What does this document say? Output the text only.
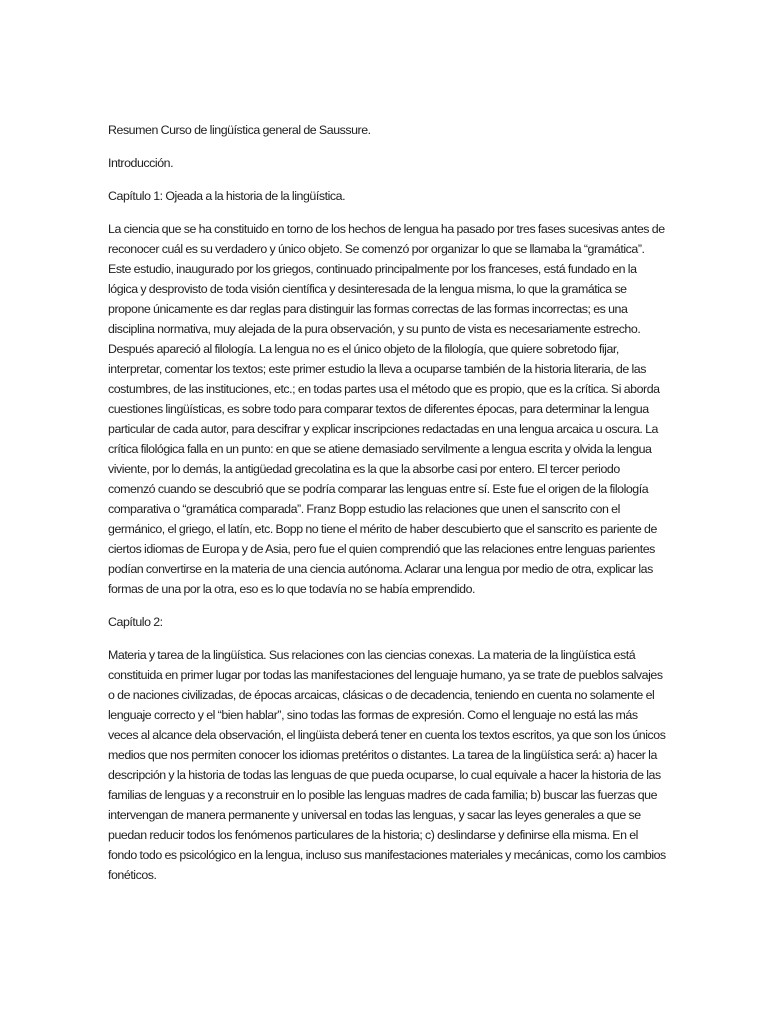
Resumen Curso de lingüística general de Saussure.

Introducción.

Capítulo 1: Ojeada a la historia de la lingüística.

La ciencia que se ha constituido en torno de los hechos de lengua ha pasado por tres fases sucesivas antes de reconocer cuál es su verdadero y único objeto. Se comenzó por organizar lo que se llamaba la “gramática”. Este estudio, inaugurado por los griegos, continuado principalmente por los franceses, está fundado en la lógica y desprovisto de toda visión científica y desinteresada de la lengua misma, lo que la gramática se propone únicamente es dar reglas para distinguir las formas correctas de las formas incorrectas; es una disciplina normativa, muy alejada de la pura observación, y su punto de vista es necesariamente estrecho. Después apareció al filología. La lengua no es el único objeto de la filología, que quiere sobretodo fijar, interpretar, comentar los textos; este primer estudio la lleva a ocuparse también de la historia literaria, de las costumbres, de las instituciones, etc.; en todas partes usa el método que es propio, que es la crítica. Si aborda cuestiones lingüísticas, es sobre todo para comparar textos de diferentes épocas, para determinar la lengua particular de cada autor, para descifrar y explicar inscripciones redactadas en una lengua arcaica u oscura. La crítica filológica falla en un punto: en que se atiene demasiado servilmente a lengua escrita y olvida la lengua viviente, por lo demás, la antigüedad grecolatina es la que la absorbe casi por entero. El tercer periodo comenzó cuando se descubrió que se podría comparar las lenguas entre sí. Este fue el origen de la filología comparativa o “gramática comparada”. Franz Bopp estudio las relaciones que unen el sanscrito con el germánico, el griego, el latín, etc. Bopp no tiene el mérito de haber descubierto que el sanscrito es pariente de ciertos idiomas de Europa y de Asia, pero fue el quien comprendió que las relaciones entre lenguas parientes podían convertirse en la materia de una ciencia autónoma. Aclarar una lengua por medio de otra, explicar las formas de una por la otra, eso es lo que todavía no se había emprendido.

Capítulo 2:

Materia y tarea de la lingüística. Sus relaciones con las ciencias conexas. La materia de la lingüística está constituida en primer lugar por todas las manifestaciones del lenguaje humano, ya se trate de pueblos salvajes o de naciones civilizadas, de épocas arcaicas, clásicas o de decadencia, teniendo en cuenta no solamente el lenguaje correcto y el “bien hablar”, sino todas las formas de expresión. Como el lenguaje no está las más veces al alcance dela observación, el lingüista deberá tener en cuenta los textos escritos, ya que son los únicos medios que nos permiten conocer los idiomas pretéritos o distantes. La tarea de la lingüística será: a) hacer la descripción y la historia de todas las lenguas de que pueda ocuparse, lo cual equivale a hacer la historia de las familias de lenguas y a reconstruir en lo posible las lenguas madres de cada familia; b) buscar las fuerzas que intervengan de manera permanente y universal en todas las lenguas, y sacar las leyes generales a que se puedan reducir todos los fenómenos particulares de la historia; c) deslindarse y definirse ella misma. En el fondo todo es psicológico en la lengua, incluso sus manifestaciones materiales y mecánicas, como los cambios fonéticos.
